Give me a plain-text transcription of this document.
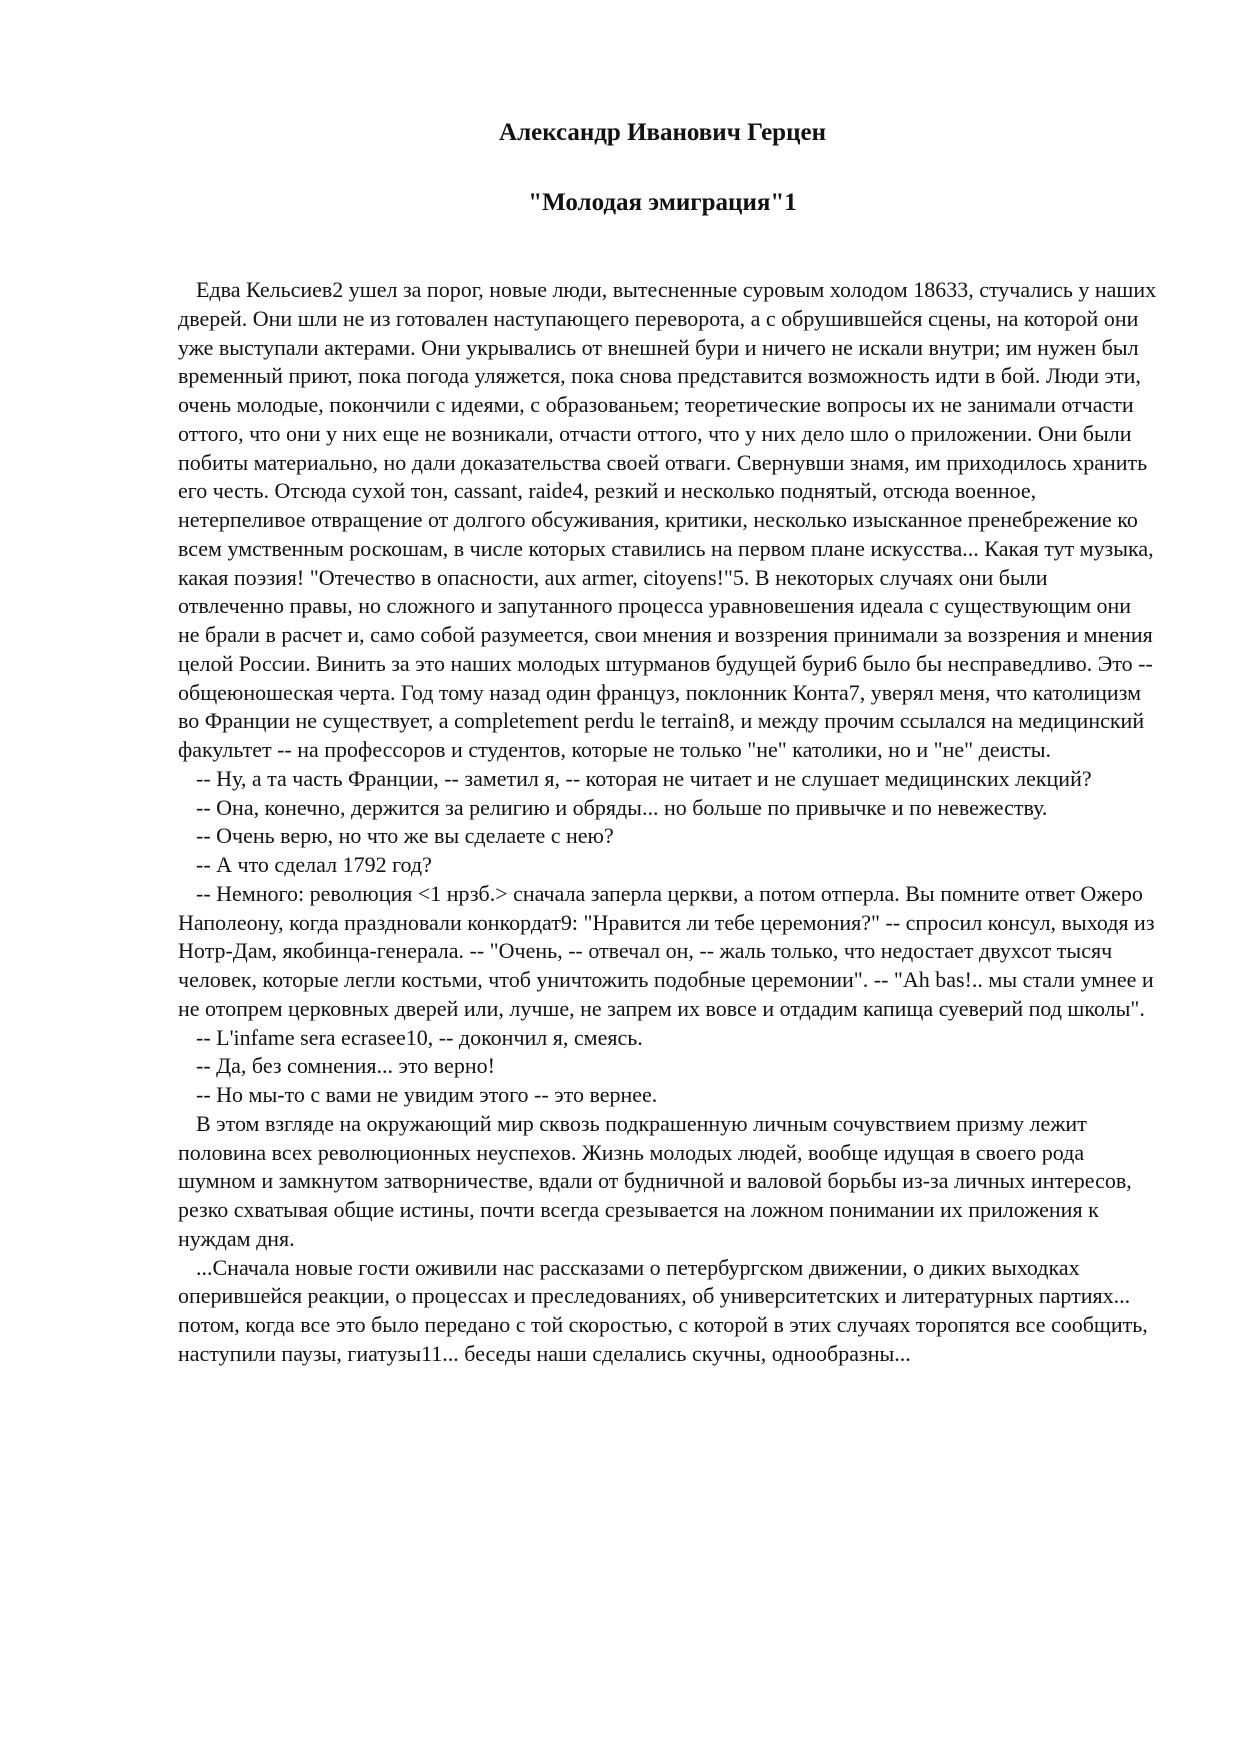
Александр Иванович Герцен
"Молодая эмиграция"1

Едва Кельсиев2 ушел за порог, новые люди, вытесненные суровым холодом 18633, стучались у наших дверей. Они шли не из готовален наступающего переворота, а с обрушившейся сцены, на которой они уже выступали актерами. Они укрывались от внешней бури и ничего не искали внутри; им нужен был временный приют, пока погода уляжется, пока снова представится возможность идти в бой. Люди эти, очень молодые, покончили с идеями, с образованьем; теоретические вопросы их не занимали отчасти оттого, что они у них еще не возникали, отчасти оттого, что у них дело шло о приложении. Они были побиты материально, но дали доказательства своей отваги. Свернувши знамя, им приходилось хранить его честь. Отсюда сухой тон, cassant, raide4, резкий и несколько поднятый, отсюда военное, нетерпеливое отвращение от долгого обсуживания, критики, несколько изысканное пренебрежение ко всем умственным роскошам, в числе которых ставились на первом плане искусства... Какая тут музыка, какая поэзия! "Отечество в опасности, aux armer, citoyens!"5. В некоторых случаях они были отвлеченно правы, но сложного и запутанного процесса уравновешения идеала с существующим они не брали в расчет и, само собой разумеется, свои мнения и воззрения принимали за воззрения и мнения целой России. Винить за это наших молодых штурманов будущей бури6 было бы несправедливо. Это -- общеюношеская черта. Год тому назад один француз, поклонник Конта7, уверял меня, что католицизм во Франции не существует, а completement perdu le terrain8, и между прочим ссылался на медицинский факультет -- на профессоров и студентов, которые не только "не" католики, но и "не" деисты.

-- Ну, а та часть Франции, -- заметил я, -- которая не читает и не слушает медицинских лекций?

-- Она, конечно, держится за религию и обряды... но больше по привычке и по невежеству.

-- Очень верю, но что же вы сделаете с нею?

-- А что сделал 1792 год?

-- Немного: революция <1 нрзб.> сначала заперла церкви, а потом отперла. Вы помните ответ Ожеро Наполеону, когда праздновали конкордат9: "Нравится ли тебе церемония?" -- спросил консул, выходя из Нотр-Дам, якобинца-генерала. -- "Очень, -- отвечал он, -- жаль только, что недостает двухсот тысяч человек, которые легли костьми, чтоб уничтожить подобные церемонии". -- "Ah bas!.. мы стали умнее и не отопрем церковных дверей или, лучше, не запрем их вовсе и отдадим капища суеверий под школы".

-- L'infame sera ecrasee10, -- докончил я, смеясь.

-- Да, без сомнения... это верно!

-- Но мы-то с вами не увидим этого -- это вернее.

В этом взгляде на окружающий мир сквозь подкрашенную личным сочувствием призму лежит половина всех революционных неуспехов. Жизнь молодых людей, вообще идущая в своего рода шумном и замкнутом затворничестве, вдали от будничной и валовой борьбы из-за личных интересов, резко схватывая общие истины, почти всегда срезывается на ложном понимании их приложения к нуждам дня.

...Сначала новые гости оживили нас рассказами о петербургском движении, о диких выходках оперившейся реакции, о процессах и преследованиях, об университетских и литературных партиях... потом, когда все это было передано с той скоростью, с которой в этих случаях торопятся все сообщить, наступили паузы, гиатузы11... беседы наши сделались скучны, однообразны...
